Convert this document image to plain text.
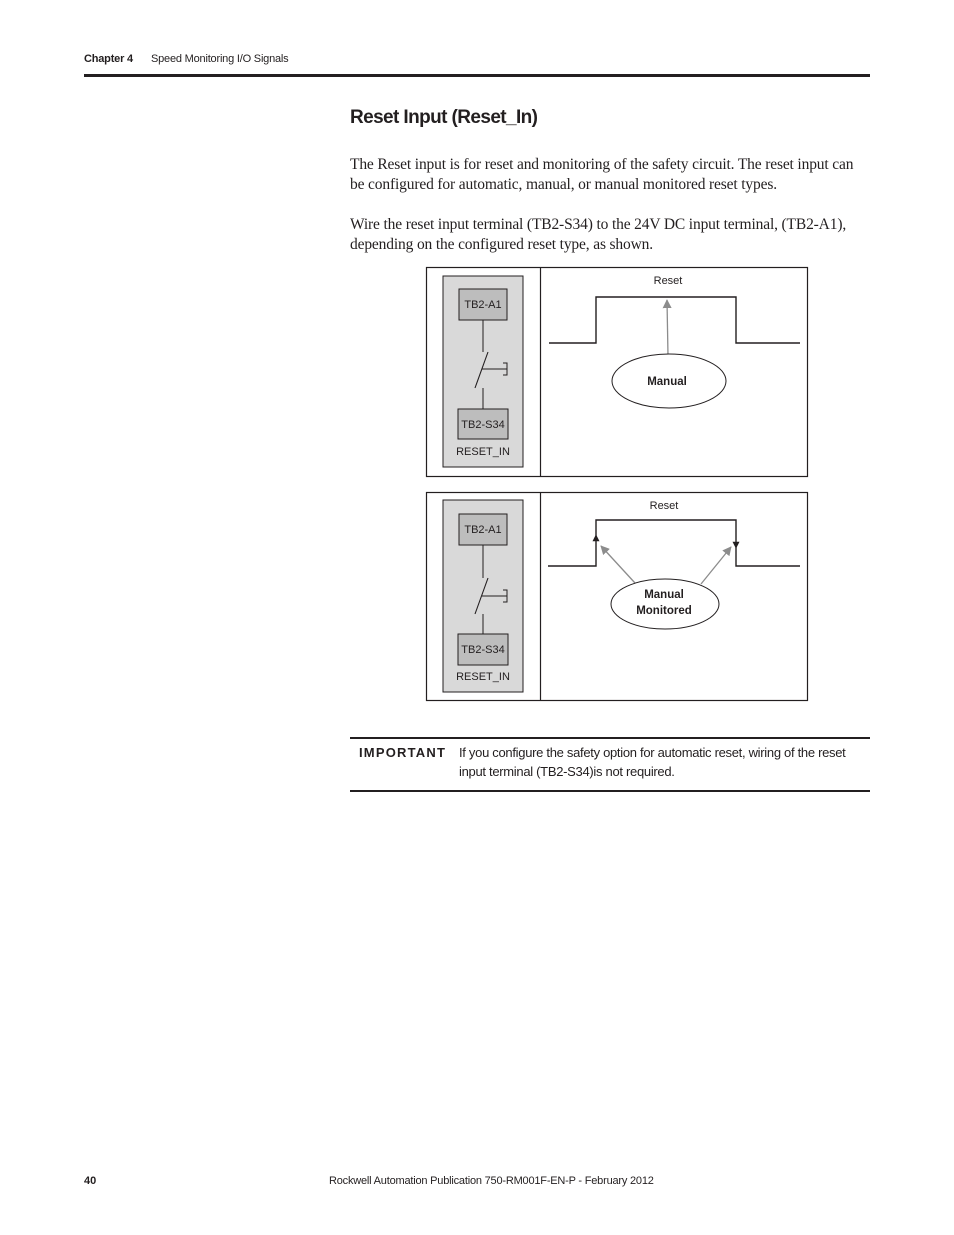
Chapter 4 Speed Monitoring I/O Signals
Reset Input (Reset_In)

The Reset input is for reset and monitoring of the safety circuit. The reset input can be configured for automatic, manual, or manual monitored reset types.

Wire the reset input terminal (TB2-S34) to the 24V DC input terminal, (TB2-A1), depending on the configured reset type, as shown.

TB2-A1
TB2-S34
RESET_IN
Reset
Manual
TB2-A1
TB2-S34
RESET_IN
Reset
Manual
Monitored
IMPORTANT If you configure the safety option for automatic reset, wiring of the reset input terminal (TB2-S34)is not required.

40	Rockwell Automation Publication 750-RM001F-EN-P - February 2012
